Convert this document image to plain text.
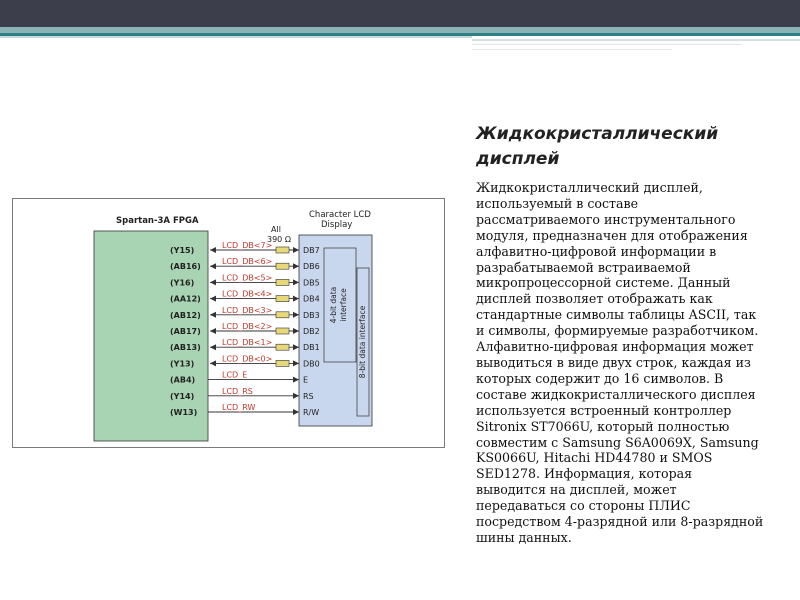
Жидкокристаллический дисплей
Жидкокристаллический дисплей, используемый в составе рассматриваемого инструментального модуля, предназначен для отображения алфавитно-цифровой информации в разрабатываемой встраиваемой микропроцессорной системе. Данный дисплей позволяет отображать как стандартные символы таблицы ASCII, так и символы, формируемые разработчиком. Алфавитно-цифровая информация может выводиться в виде двух строк, каждая из которых содержит до 16 символов. В составе жидкокристаллического дисплея используется встроенный контроллер Sitronix ST7066U, который полностью совместим с Samsung S6A0069X, Samsung KS0066U, Hitachi HD44780 и SMOS SED1278. Информация, которая выводится на дисплей, может передаваться со стороны ПЛИС посредством 4-разрядной или 8-разрядной шины данных.
Spartan-3A FPGA
Character LCD
Display
All
390 Ω
4-bit data interface
8-bit data interface
(Y15)
LCD_DB<7>
DB7
(AB16)
LCD_DB<6>
DB6
(Y16)
LCD_DB<5>
DB5
(AA12)
LCD_DB<4>
DB4
(AB12)
LCD_DB<3>
DB3
(AB17)
LCD_DB<2>
DB2
(AB13)
LCD_DB<1>
DB1
(Y13)
LCD_DB<0>
DB0
(AB4)
LCD_E
E
(Y14)
LCD_RS
RS
(W13)
LCD_RW
R/W
